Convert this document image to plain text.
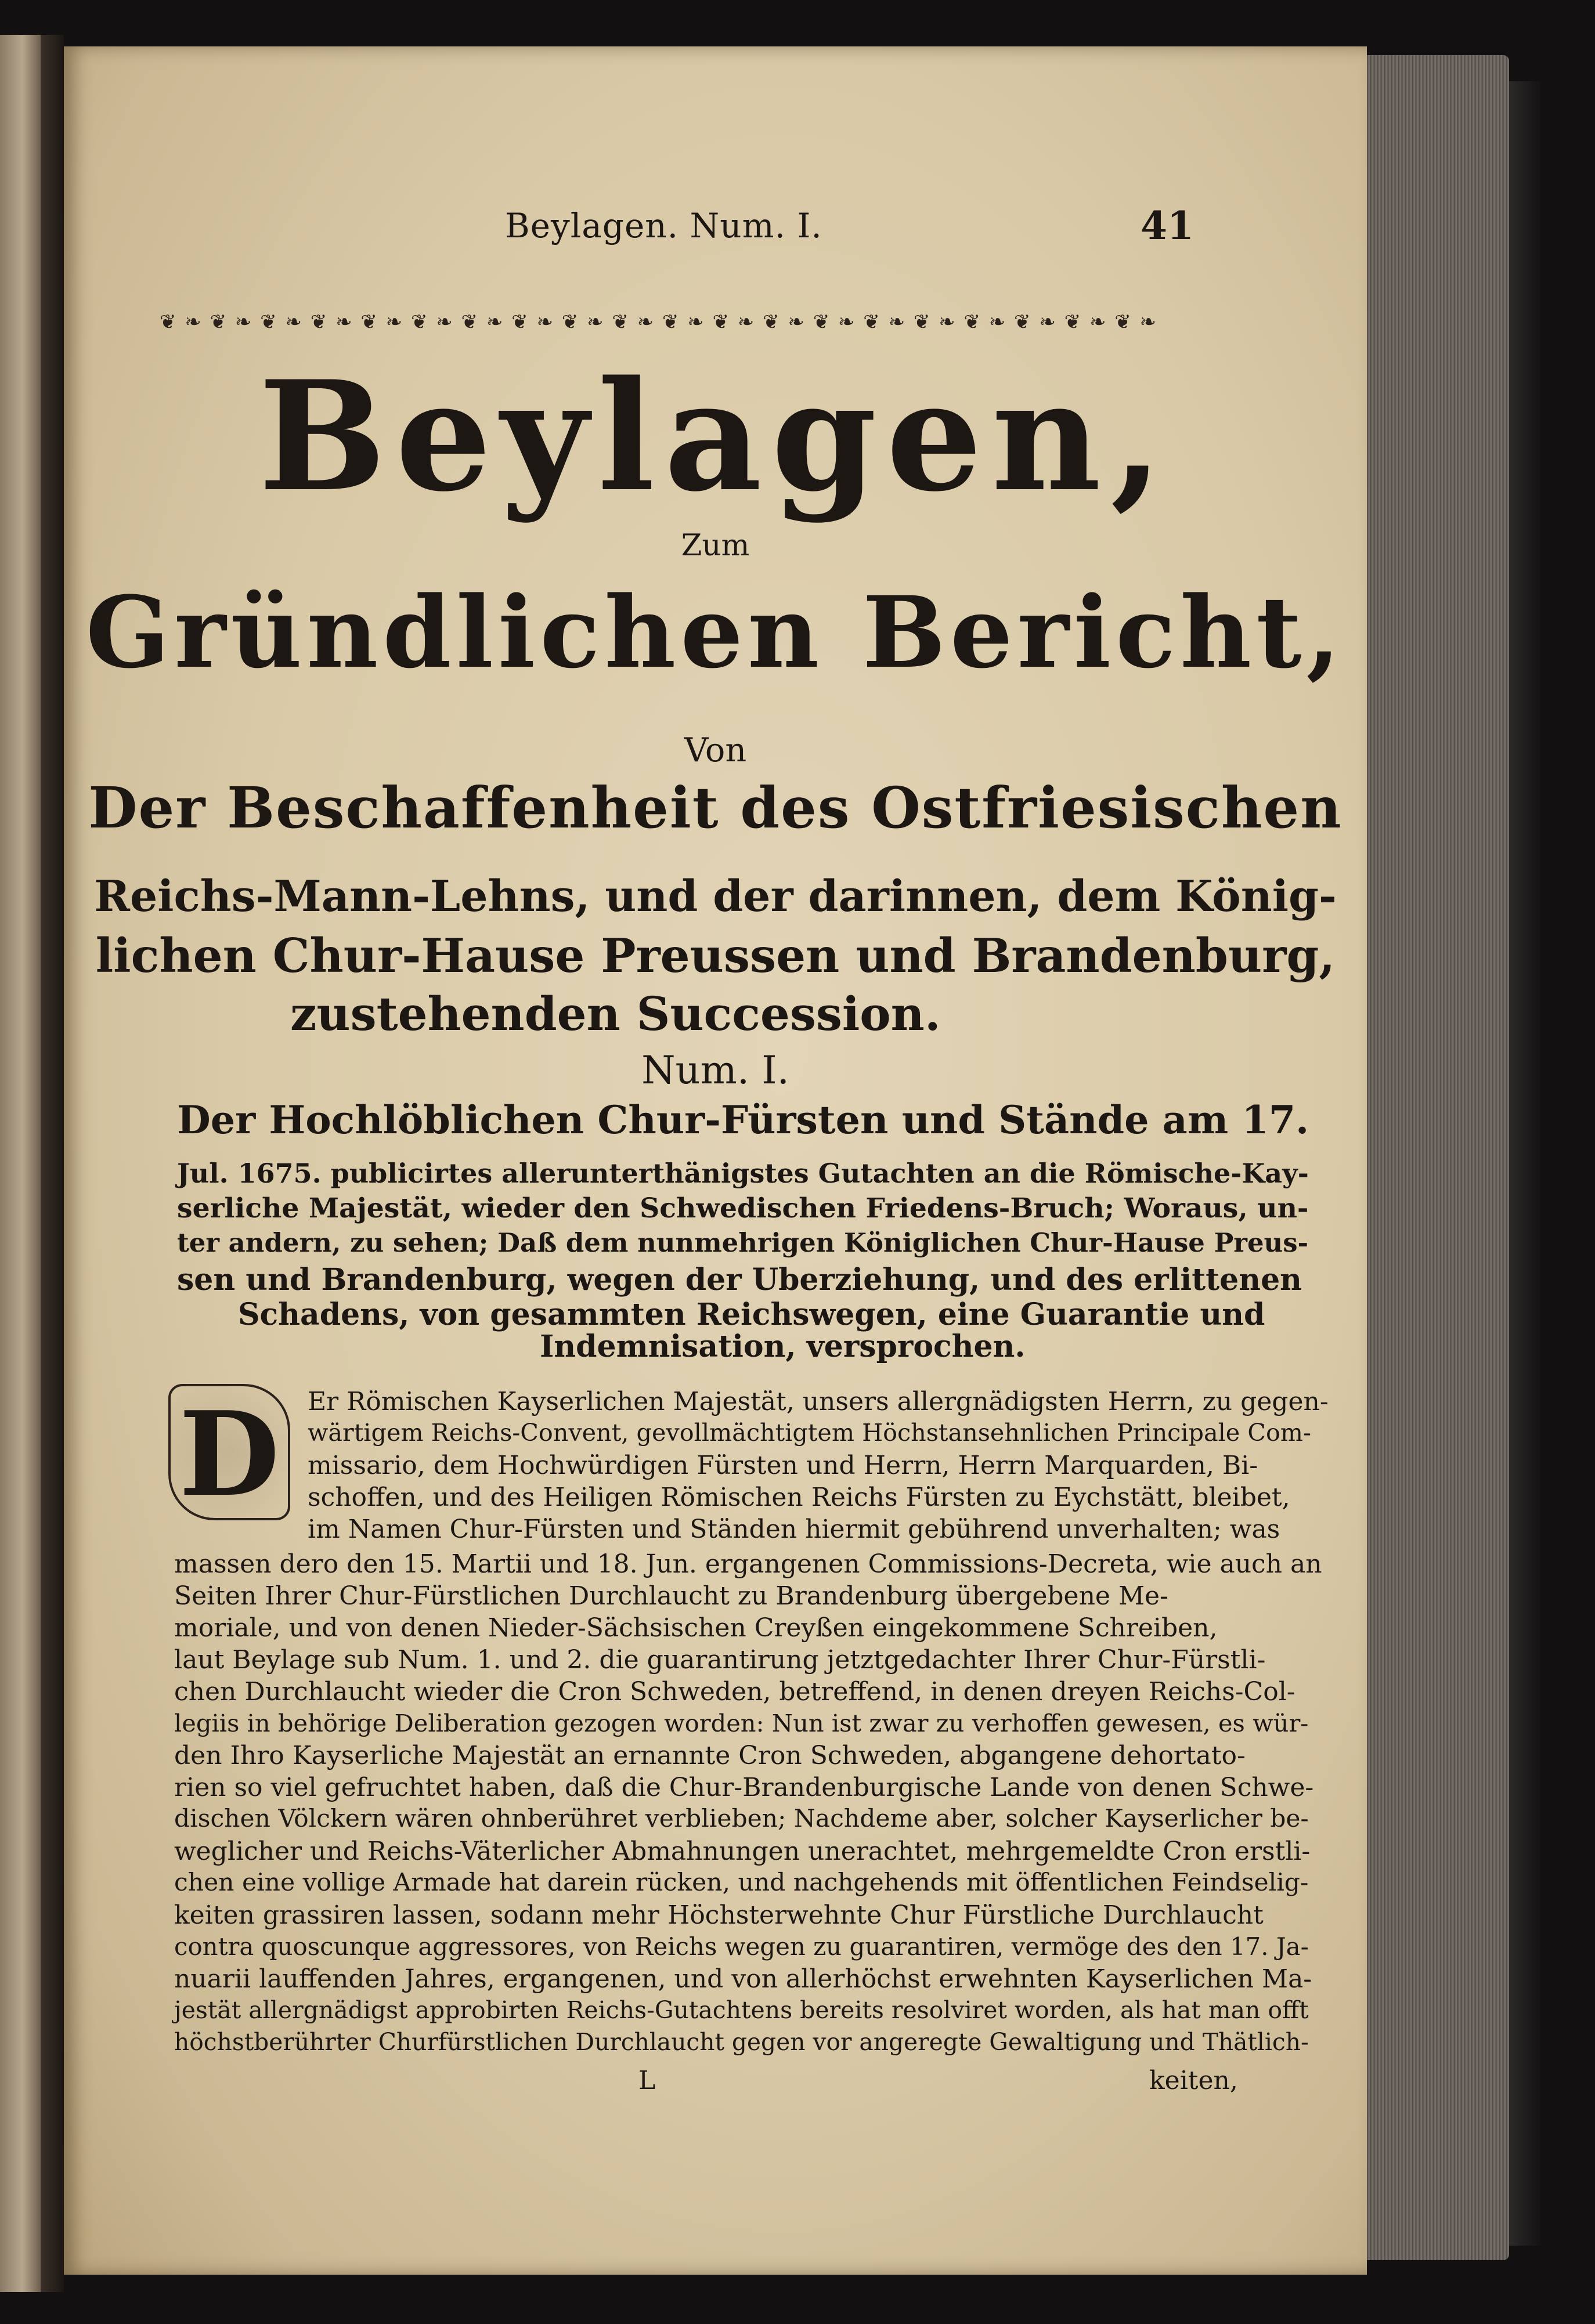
Beylagen. Num. I.	41
❦ ❧ ❦ ❧ ❦ ❧ ❦ ❧ ❦ ❧ ❦ ❧ ❦ ❧ ❦ ❧ ❦ ❧ ❦ ❧ ❦ ❧ ❦ ❧ ❦ ❧ ❦ ❧ ❦ ❧ ❦ ❧ ❦ ❧ ❦ ❧ ❦ ❧ ❦ ❧
Beylagen,
Zum
Gründlichen Bericht,
Von
Der Beschaffenheit des Ostfriesischen
Reichs-Mann-Lehns, und der darinnen, dem König-
lichen Chur-Hause Preussen und Brandenburg,
zustehenden Succession.
Num. I.
Der Hochlöblichen Chur-Fürsten und Stände am 17.
Jul. 1675. publicirtes allerunterthänigstes Gutachten an die Römische-Kay-
serliche Majestät, wieder den Schwedischen Friedens-Bruch; Woraus, un-
ter andern, zu sehen; Daß dem nunmehrigen Königlichen Chur-Hause Preus-
sen und Brandenburg, wegen der Uberziehung, und des erlittenen
Schadens, von gesammten Reichswegen, eine Guarantie und
Indemnisation, versprochen.
D	Er Römischen Kayserlichen Majestät, unsers allergnädigsten Herrn, zu gegen-
wärtigem Reichs-Convent, gevollmächtigtem Höchstansehnlichen Principale Com-
missario, dem Hochwürdigen Fürsten und Herrn, Herrn Marquarden, Bi-
schoffen, und des Heiligen Römischen Reichs Fürsten zu Eychstätt, bleibet,
im Namen Chur-Fürsten und Ständen hiermit gebührend unverhalten; was
massen dero den 15. Martii und 18. Jun. ergangenen Commissions-Decreta, wie auch an
Seiten Ihrer Chur-Fürstlichen Durchlaucht zu Brandenburg übergebene Me-
moriale, und von denen Nieder-Sächsischen Creyßen eingekommene Schreiben,
laut Beylage sub Num. 1. und 2. die guarantirung jetztgedachter Ihrer Chur-Fürstli-
chen Durchlaucht wieder die Cron Schweden, betreffend, in denen dreyen Reichs-Col-
legiis in behörige Deliberation gezogen worden: Nun ist zwar zu verhoffen gewesen, es wür-
den Ihro Kayserliche Majestät an ernannte Cron Schweden, abgangene dehortato-
rien so viel gefruchtet haben, daß die Chur-Brandenburgische Lande von denen Schwe-
dischen Völckern wären ohnberühret verblieben; Nachdeme aber, solcher Kayserlicher be-
weglicher und Reichs-Väterlicher Abmahnungen unerachtet, mehrgemeldte Cron erstli-
chen eine vollige Armade hat darein rücken, und nachgehends mit öffentlichen Feindselig-
keiten grassiren lassen, sodann mehr Höchsterwehnte Chur Fürstliche Durchlaucht
contra quoscunque aggressores, von Reichs wegen zu guarantiren, vermöge des den 17. Ja-
nuarii lauffenden Jahres, ergangenen, und von allerhöchst erwehnten Kayserlichen Ma-
jestät allergnädigst approbirten Reichs-Gutachtens bereits resolviret worden, als hat man offt
höchstberührter Churfürstlichen Durchlaucht gegen vor angeregte Gewaltigung und Thätlich-
L	keiten,
